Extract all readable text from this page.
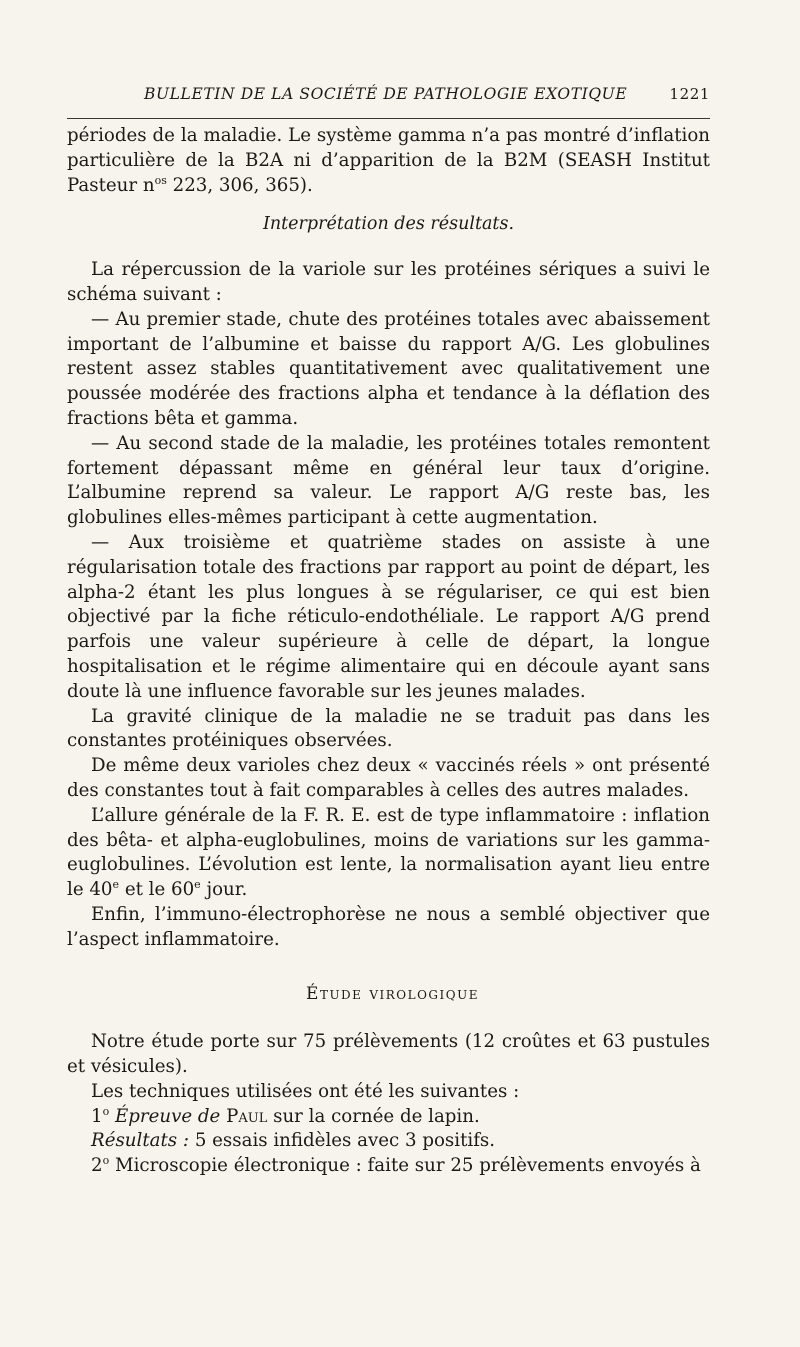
BULLETIN DE LA SOCIÉTÉ DE PATHOLOGIE EXOTIQUE	1221

périodes de la maladie. Le système gamma n’a pas montré d’inflation particulière de la B2A ni d’apparition de la B2M (SEASH Institut Pasteur $n^{os}$ 223, 306, 365).

Interprétation des résultats.

La répercussion de la variole sur les protéines sériques a suivi le schéma suivant :

— Au premier stade, chute des protéines totales avec abaissement important de l’albumine et baisse du rapport A/G. Les globulines restent assez stables quantitativement avec qualitativement une poussée modérée des fractions alpha et tendance à la déflation des fractions bêta et gamma.

— Au second stade de la maladie, les protéines totales remontent fortement dépassant même en général leur taux d’origine. L’albumine reprend sa valeur. Le rapport A/G reste bas, les globulines elles-mêmes participant à cette augmentation.

— Aux troisième et quatrième stades on assiste à une régularisation totale des fractions par rapport au point de départ, les alpha-2 étant les plus longues à se régulariser, ce qui est bien objectivé par la fiche réticulo-endothéliale. Le rapport A/G prend parfois une valeur supérieure à celle de départ, la longue hospitalisation et le régime alimentaire qui en découle ayant sans doute là une influence favorable sur les jeunes malades.

La gravité clinique de la maladie ne se traduit pas dans les constantes protéiniques observées.

De même deux varioles chez deux « vaccinés réels » ont présenté des constantes tout à fait comparables à celles des autres malades.

L’allure générale de la F. R. E. est de type inflammatoire : inflation des bêta- et alpha-euglobulines, moins de variations sur les gamma-euglobulines. L’évolution est lente, la normalisation ayant lieu entre le 40e et le 60e jour.

Enfin, l’immuno-électrophorèse ne nous a semblé objectiver que l’aspect inflammatoire.

Étude virologique

Notre étude porte sur 75 prélèvements (12 croûtes et 63 pustules et vésicules).

Les techniques utilisées ont été les suivantes :

1$^o$ Épreuve de Paul sur la cornée de lapin.

Résultats : 5 essais infidèles avec 3 positifs.

2$^o$ Microscopie électronique : faite sur 25 prélèvements envoyés à
